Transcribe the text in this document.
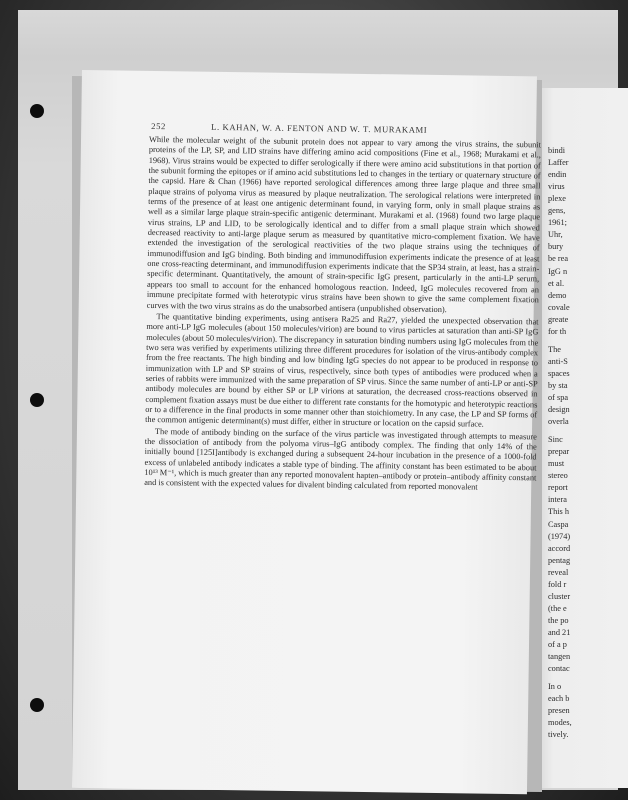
252	L. KAHAN, W. A. FENTON AND W. T. MURAKAMI

While the molecular weight of the subunit protein does not appear to vary among the virus strains, the subunit proteins of the LP, SP, and LID strains have differing amino acid compositions (Fine et al., 1968; Murakami et al., 1968). Virus strains would be expected to differ serologically if there were amino acid substitutions in that portion of the subunit forming the epitopes or if amino acid substitutions led to changes in the tertiary or quaternary structure of the capsid. Hare & Chan (1966) have reported serological differences among three large plaque and three small plaque strains of polyoma virus as measured by plaque neutralization. The serological relations were interpreted in terms of the presence of at least one antigenic determinant found, in varying form, only in small plaque strains as well as a similar large plaque strain-specific antigenic determinant. Murakami et al. (1968) found two large plaque virus strains, LP and LID, to be serologically identical and to differ from a small plaque strain which showed decreased reactivity to anti-large plaque serum as measured by quantitative micro-complement fixation. We have extended the investigation of the serological reactivities of the two plaque strains using the techniques of immunodiffusion and IgG binding. Both binding and immunodiffusion experiments indicate the presence of at least one cross-reacting determinant, and immunodiffusion experiments indicate that the SP34 strain, at least, has a strain-specific determinant. Quantitatively, the amount of strain-specific IgG present, particularly in the anti-LP serum, appears too small to account for the enhanced homologous reaction. Indeed, IgG molecules recovered from an immune precipitate formed with heterotypic virus strains have been shown to give the same complement fixation curves with the two virus strains as do the unabsorbed antisera (unpublished observation).

The quantitative binding experiments, using antisera Ra25 and Ra27, yielded the unexpected observation that more anti-LP IgG molecules (about 150 molecules/virion) are bound to virus particles at saturation than anti-SP IgG molecules (about 50 molecules/virion). The discrepancy in saturation binding numbers using IgG molecules from the two sera was verified by experiments utilizing three different procedures for isolation of the virus-antibody complex from the free reactants. The high binding and low binding IgG species do not appear to be produced in response to immunization with LP and SP strains of virus, respectively, since both types of antibodies were produced when a series of rabbits were immunized with the same preparation of SP virus. Since the same number of anti-LP or anti-SP antibody molecules are bound by either SP or LP virions at saturation, the decreased cross-reactions observed in complement fixation assays must be due either to different rate constants for the homotypic and heterotypic reactions or to a difference in the final products in some manner other than stoichiometry. In any case, the LP and SP forms of the common antigenic determinant(s) must differ, either in structure or location on the capsid surface.

The mode of antibody binding on the surface of the virus particle was investigated through attempts to measure the dissociation of antibody from the polyoma virus–IgG antibody complex. The finding that only 14% of the initially bound [125I]antibody is exchanged during a subsequent 24-hour incubation in the presence of a 1000-fold excess of unlabeled antibody indicates a stable type of binding. The affinity constant has been estimated to be about 10¹³ M⁻¹, which is much greater than any reported monovalent hapten–antibody or protein–antibody affinity constant and is consistent with the expected values for divalent binding calculated from reported monovalent

bindi
Laffer
endin
virus
plexe
gens,
1961;
Uhr,
bury
be rea
IgG n
et al.
demo
covale
greate
for th
The
anti-S
spaces
by sta
of spa
design
overla
Sinc
prepar
must
stereo
report
intera
This h
Caspa
(1974)
accord
pentag
reveal
fold r
cluster
(the e
the po
and 21
of a p
tangen
contac
In o
each b
presen
modes,
tively.
